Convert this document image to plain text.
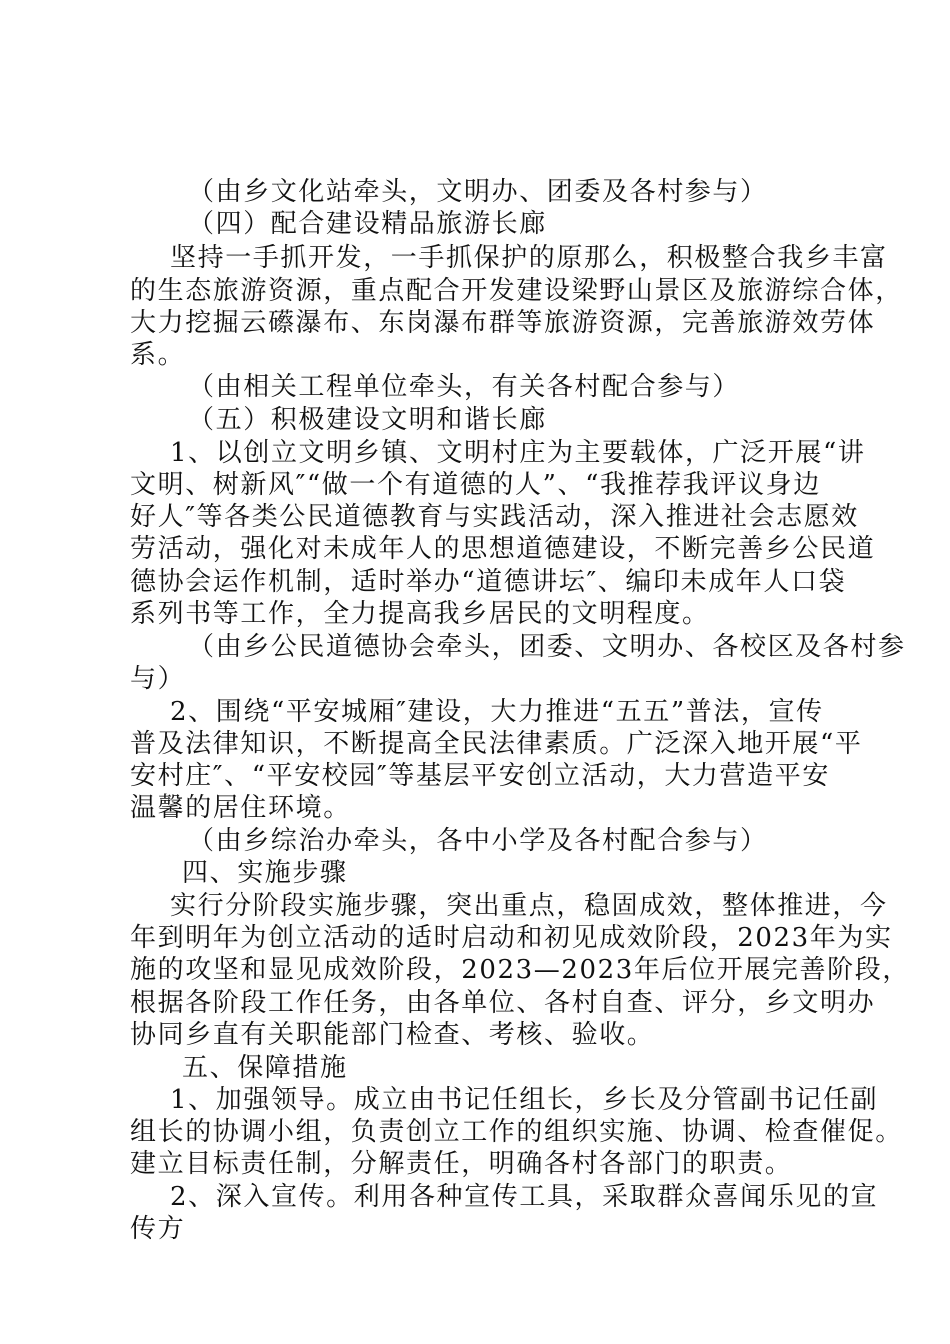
（由乡文化站牵头，文明办、团委及各村参与）
（四）配合建设精品旅游长廊
坚持一手抓开发，一手抓保护的原那么，积极整合我乡丰富
的生态旅游资源，重点配合开发建设梁野山景区及旅游综合体，
大力挖掘云礤瀑布、东岗瀑布群等旅游资源，完善旅游效劳体
系。
（由相关工程单位牵头，有关各村配合参与）
（五）积极建设文明和谐长廊
1、以创立文明乡镇、文明村庄为主要载体，广泛开展“讲
文明、树新风″“做一个有道德的人”、“我推荐我评议身边
好人″等各类公民道德教育与实践活动，深入推进社会志愿效
劳活动，强化对未成年人的思想道德建设，不断完善乡公民道
德协会运作机制，适时举办“道德讲坛″、编印未成年人口袋
系列书等工作，全力提高我乡居民的文明程度。
（由乡公民道德协会牵头，团委、文明办、各校区及各村参
与）
2、围绕“平安城厢″建设，大力推进“五五”普法，宣传
普及法律知识，不断提高全民法律素质。广泛深入地开展“平
安村庄″、“平安校园″等基层平安创立活动，大力营造平安
温馨的居住环境。
（由乡综治办牵头，各中小学及各村配合参与）
四、实施步骤
实行分阶段实施步骤，突出重点，稳固成效，整体推进，今
年到明年为创立活动的适时启动和初见成效阶段，2023年为实
施的攻坚和显见成效阶段，2023—2023年后位开展完善阶段，
根据各阶段工作任务，由各单位、各村自查、评分，乡文明办
协同乡直有关职能部门检查、考核、验收。
五、保障措施
1、加强领导。成立由书记任组长，乡长及分管副书记任副
组长的协调小组，负责创立工作的组织实施、协调、检查催促。
建立目标责任制，分解责任，明确各村各部门的职责。
2、深入宣传。利用各种宣传工具，采取群众喜闻乐见的宣
传方
